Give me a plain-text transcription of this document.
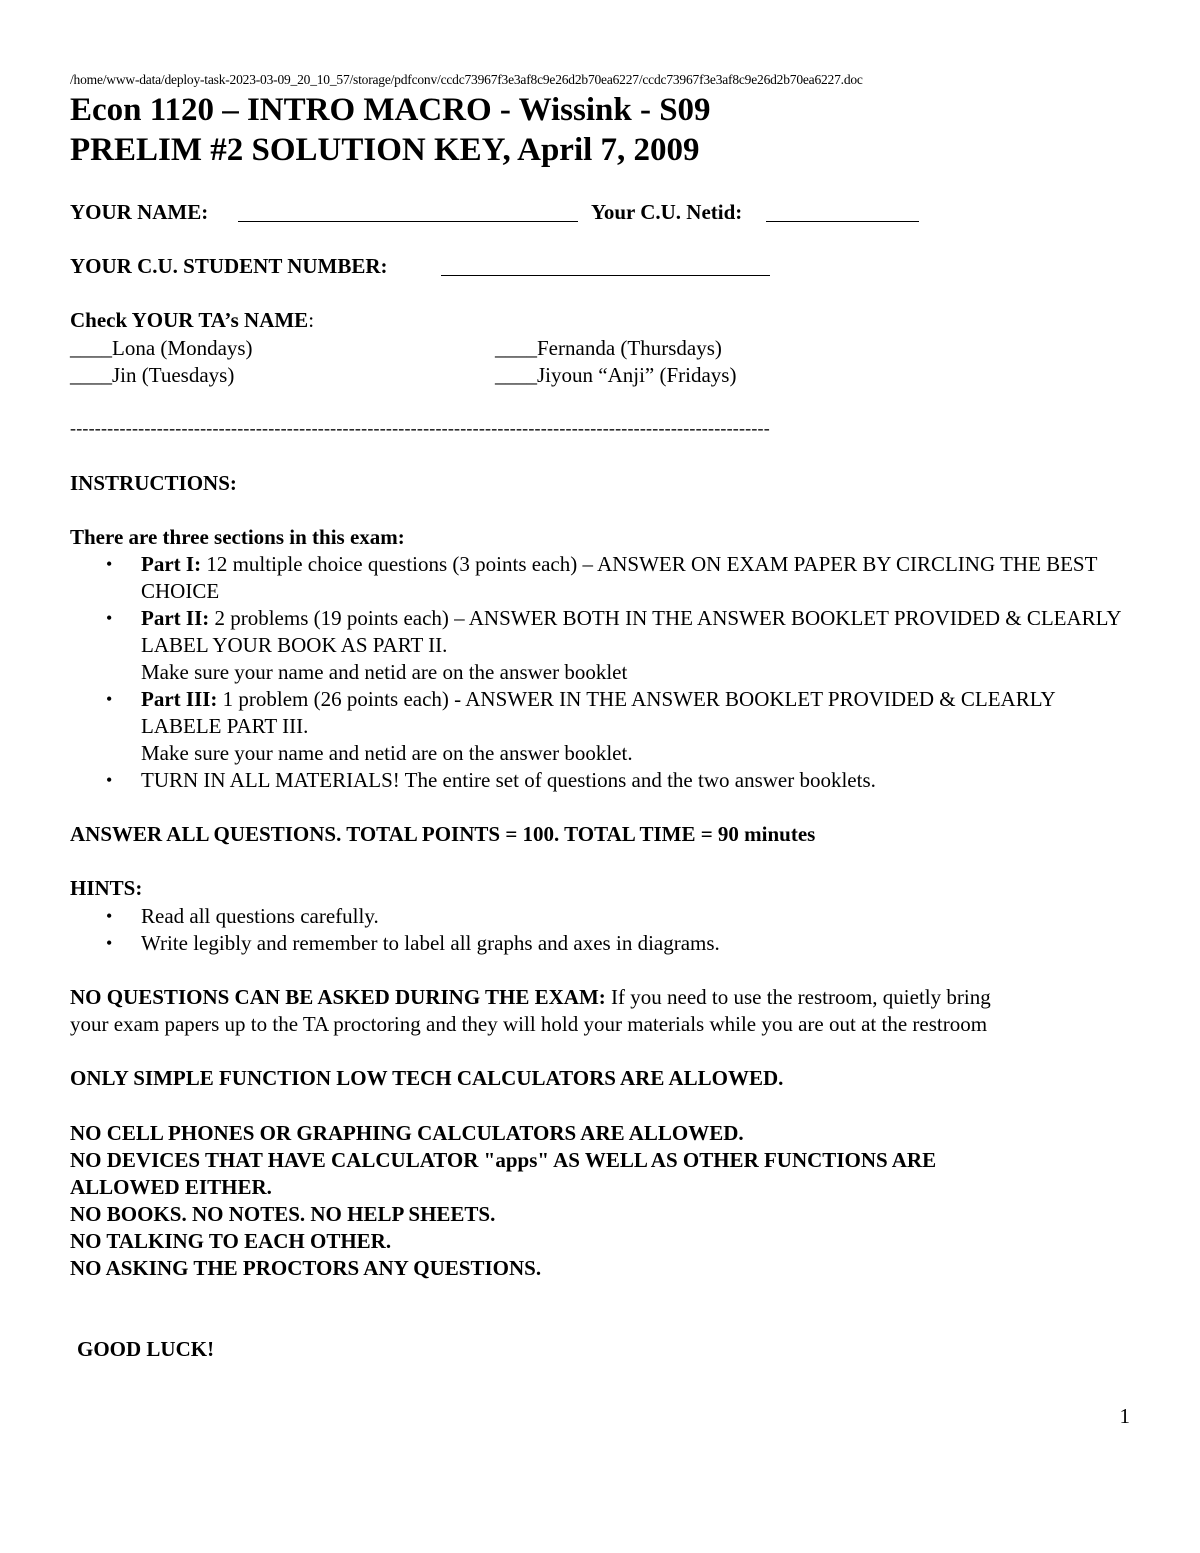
/home/www-data/deploy-task-2023-03-09_20_10_57/storage/pdfconv/ccdc73967f3e3af8c9e26d2b70ea6227/ccdc73967f3e3af8c9e26d2b70ea6227.doc
Econ 1120 – INTRO MACRO - Wissink - S09
PRELIM #2 SOLUTION KEY, April 7, 2009
YOUR NAME:	Your C.U. Netid:
YOUR C.U. STUDENT NUMBER:
Check YOUR TA’s NAME:
____Lona (Mondays)	____Fernanda (Thursdays)
____Jin (Tuesdays)	____Jiyoun “Anji” (Fridays)
-----------------------------------------------------------------------------------------------------------------
INSTRUCTIONS:
There are three sections in this exam:
• Part I: 12 multiple choice questions (3 points each) – ANSWER ON EXAM PAPER BY CIRCLING THE BEST CHOICE
• Part II: 2 problems (19 points each) – ANSWER BOTH IN THE ANSWER BOOKLET PROVIDED & CLEARLY LABEL YOUR BOOK AS PART II.
Make sure your name and netid are on the answer booklet
• Part III: 1 problem (26 points each) - ANSWER IN THE ANSWER BOOKLET PROVIDED & CLEARLY LABELE PART III.
Make sure your name and netid are on the answer booklet.
• TURN IN ALL MATERIALS! The entire set of questions and the two answer booklets.
ANSWER ALL QUESTIONS. TOTAL POINTS = 100. TOTAL TIME = 90 minutes
HINTS:
• Read all questions carefully.
• Write legibly and remember to label all graphs and axes in diagrams.
NO QUESTIONS CAN BE ASKED DURING THE EXAM: If you need to use the restroom, quietly bring
your exam papers up to the TA proctoring and they will hold your materials while you are out at the restroom
ONLY SIMPLE FUNCTION LOW TECH CALCULATORS ARE ALLOWED.
NO CELL PHONES OR GRAPHING CALCULATORS ARE ALLOWED.
NO DEVICES THAT HAVE CALCULATOR "apps" AS WELL AS OTHER FUNCTIONS ARE
ALLOWED EITHER.
NO BOOKS. NO NOTES. NO HELP SHEETS.
NO TALKING TO EACH OTHER.
NO ASKING THE PROCTORS ANY QUESTIONS.
GOOD LUCK!
1
